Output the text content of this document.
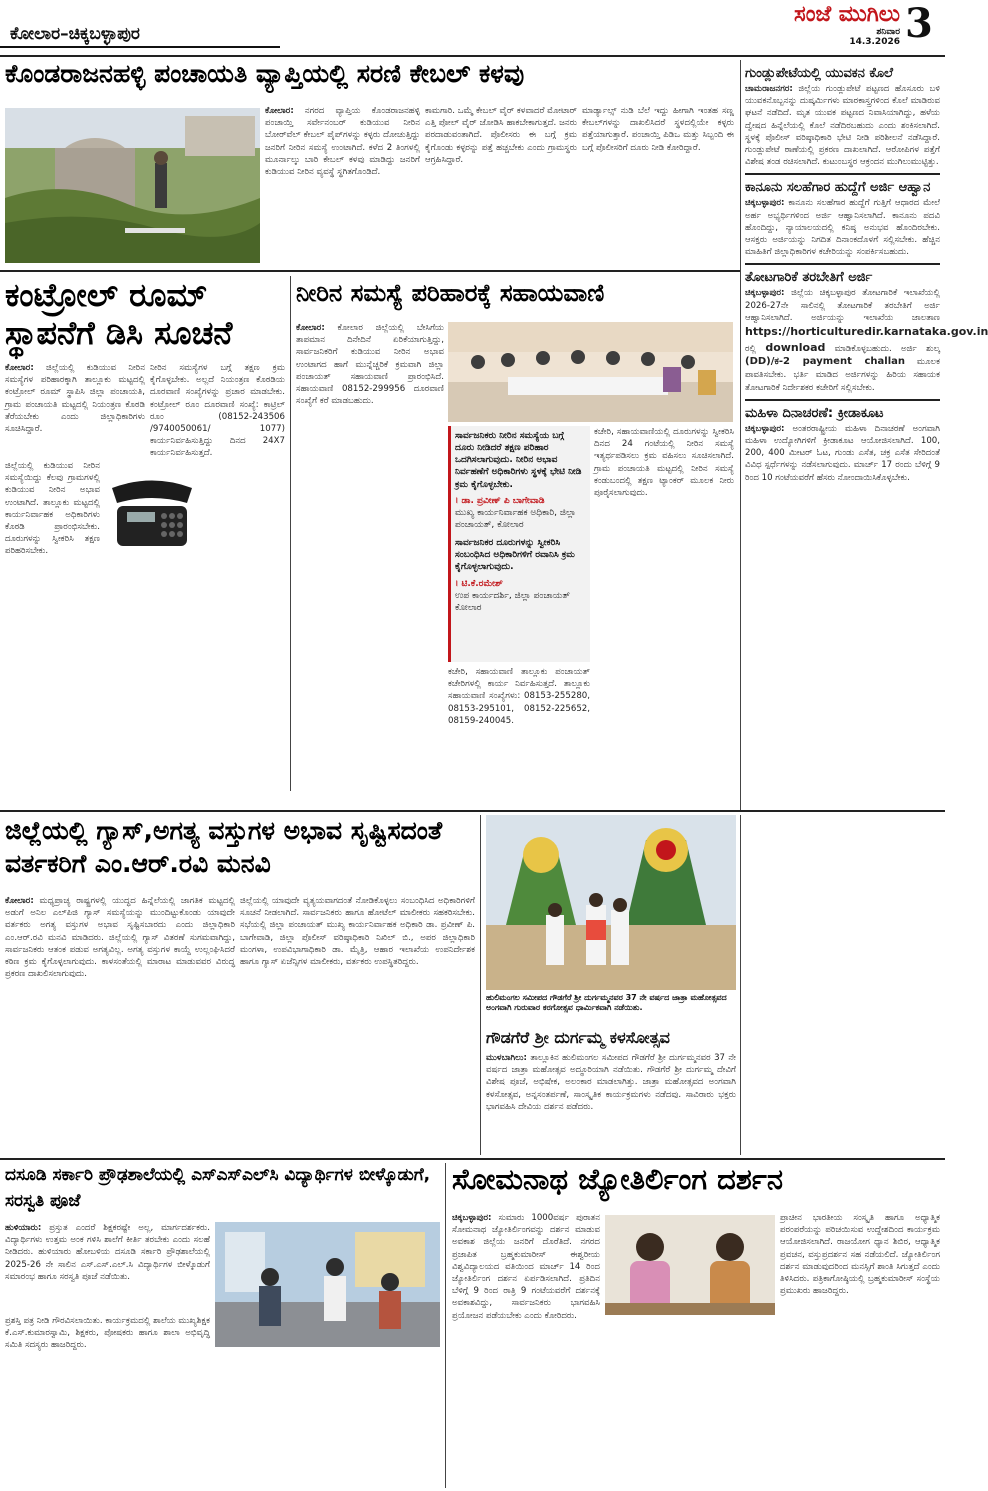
ಕೋಲಾರ–ಚಿಕ್ಕಬಳ್ಳಾಪುರ
ಸಂಜೆ ಮುಗಿಲು
ಶನಿವಾರ
14.3.2026 3
ಕೊಂಡರಾಜನಹಳ್ಳಿ ಪಂಚಾಯತಿ ವ್ಯಾಪ್ತಿಯಲ್ಲಿ ಸರಣಿ ಕೇಬಲ್ ಕಳವು
ಕೋಲಾರ: ನಗರದ ವ್ಯಾಪ್ತಿಯ ಕೊಂಡರಾಜನಹಳ್ಳಿ ಪಂಚಾಯ್ತಿ ಸರ್ವೇನಂಬರ್ ಕುಡಿಯುವ ನೀರಿನ ಬೋರ್‌ವೆಲ್ ಕೇಬಲ್ ಪೈಪ್‌ಗಳನ್ನು ಕಳ್ಳರು ದೋಚುತ್ತಿದ್ದು ಜನರಿಗೆ ನೀರಿನ ಸಮಸ್ಯೆ ಉಂಟಾಗಿದೆ. ಕಳೆದ 2 ತಿಂಗಳಲ್ಲಿ ಮೂರ್ನಾಲ್ಕು ಬಾರಿ ಕೇಬಲ್ ಕಳವು ಮಾಡಿದ್ದು ಜನರಿಗೆ ಕುಡಿಯುವ ನೀರಿನ ವ್ಯವಸ್ಥೆ ಸ್ಥಗಿತಗೊಂಡಿದೆ.
ಕಾಮಗಾರಿ. ಒಮ್ಮೆ ಕೇಬಲ್ ವೈರ್ ಕಳವಾದರೆ ಮೋಟಾರ್ ಎತ್ತಿ ಪೋಲ್ ವೈರ್ ಜೋಡಿಸಿ ಹಾಕಬೇಕಾಗುತ್ತದೆ. ಜನರು ಪರದಾಡುವಂತಾಗಿದೆ. ಪೊಲೀಸರು ಈ ಬಗ್ಗೆ ಕ್ರಮ ಕೈಗೊಂಡು ಕಳ್ಳರನ್ನು ಪತ್ತೆ ಹಚ್ಚಬೇಕು ಎಂದು ಗ್ರಾಮಸ್ಥರು ಆಗ್ರಹಿಸಿದ್ದಾರೆ.
ಮಾರ್ಡ್ಯಾಲ್ಸ್ ನುಡಿ ಬೆಲೆ ಇದ್ದು ಹೀಗಾಗಿ ಇಂತಹ ಸಣ್ಣ ಕೇಬಲ್‌ಗಳನ್ನು ದಾಖಲಿಸಿದರೆ ಸ್ಥಳದಲ್ಲಿಯೇ ಕಳ್ಳರು ಪತ್ತೆಯಾಗುತ್ತಾರೆ. ಪಂಚಾಯ್ತಿ ಪಿಡಿಒ ಮತ್ತು ಸಿಬ್ಬಂದಿ ಈ ಬಗ್ಗೆ ಪೊಲೀಸರಿಗೆ ದೂರು ನೀಡಿ ಕೋರಿದ್ದಾರೆ.
ಗುಂಡ್ಲುಪೇಟೆಯಲ್ಲಿ ಯುವಕನ ಕೊಲೆ
ಚಾಮರಾಜನಗರ: ಜಿಲ್ಲೆಯ ಗುಂಡ್ಲುಪೇಟೆ ಪಟ್ಟಣದ ಹೊಸೂರು ಬಳಿ ಯುವಕನೊಬ್ಬನನ್ನು ದುಷ್ಕರ್ಮಿಗಳು ಮಾರಕಾಸ್ತ್ರಗಳಿಂದ ಕೊಲೆ ಮಾಡಿರುವ ಘಟನೆ ನಡೆದಿದೆ. ಮೃತ ಯುವಕ ಪಟ್ಟಣದ ನಿವಾಸಿಯಾಗಿದ್ದು, ಹಳೆಯ ದ್ವೇಷದ ಹಿನ್ನೆಲೆಯಲ್ಲಿ ಕೊಲೆ ನಡೆದಿರಬಹುದು ಎಂದು ಶಂಕಿಸಲಾಗಿದೆ. ಸ್ಥಳಕ್ಕೆ ಪೊಲೀಸ್ ವರಿಷ್ಠಾಧಿಕಾರಿ ಭೇಟಿ ನೀಡಿ ಪರಿಶೀಲನೆ ನಡೆಸಿದ್ದಾರೆ. ಗುಂಡ್ಲುಪೇಟೆ ಠಾಣೆಯಲ್ಲಿ ಪ್ರಕರಣ ದಾಖಲಾಗಿದೆ. ಆರೋಪಿಗಳ ಪತ್ತೆಗೆ ವಿಶೇಷ ತಂಡ ರಚಿಸಲಾಗಿದೆ. ಕುಟುಂಬಸ್ಥರ ಆಕ್ರಂದನ ಮುಗಿಲುಮುಟ್ಟಿತ್ತು.
ಕಾನೂನು ಸಲಹೆಗಾರ ಹುದ್ದೆಗೆ ಅರ್ಜಿ ಆಹ್ವಾನ
ಚಿಕ್ಕಬಳ್ಳಾಪುರ: ಕಾನೂನು ಸಲಹೆಗಾರ ಹುದ್ದೆಗೆ ಗುತ್ತಿಗೆ ಆಧಾರದ ಮೇಲೆ ಅರ್ಹ ಅಭ್ಯರ್ಥಿಗಳಿಂದ ಅರ್ಜಿ ಆಹ್ವಾನಿಸಲಾಗಿದೆ. ಕಾನೂನು ಪದವಿ ಹೊಂದಿದ್ದು, ನ್ಯಾಯಾಲಯದಲ್ಲಿ ಕನಿಷ್ಠ ಅನುಭವ ಹೊಂದಿರಬೇಕು. ಆಸಕ್ತರು ಅರ್ಜಿಯನ್ನು ನಿಗದಿತ ದಿನಾಂಕದೊಳಗೆ ಸಲ್ಲಿಸಬೇಕು. ಹೆಚ್ಚಿನ ಮಾಹಿತಿಗೆ ಜಿಲ್ಲಾಧಿಕಾರಿಗಳ ಕಚೇರಿಯನ್ನು ಸಂಪರ್ಕಿಸಬಹುದು.
ತೋಟಗಾರಿಕೆ ತರಬೇತಿಗೆ ಅರ್ಜಿ
ಚಿಕ್ಕಬಳ್ಳಾಪುರ: ಜಿಲ್ಲೆಯ ಚಿಕ್ಕಬಳ್ಳಾಪುರ ತೋಟಗಾರಿಕೆ ಇಲಾಖೆಯಲ್ಲಿ 2026-27ನೇ ಸಾಲಿನಲ್ಲಿ ತೋಟಗಾರಿಕೆ ತರಬೇತಿಗೆ ಅರ್ಜಿ ಆಹ್ವಾನಿಸಲಾಗಿದೆ. ಅರ್ಜಿಯನ್ನು ಇಲಾಖೆಯ ಜಾಲತಾಣ https://horticulturedir.karnataka.gov.in ರಲ್ಲಿ download ಮಾಡಿಕೊಳ್ಳಬಹುದು. ಅರ್ಜಿ ಶುಲ್ಕ (DD)/ಕ-2 payment challan ಮೂಲಕ ಪಾವತಿಸಬೇಕು. ಭರ್ತಿ ಮಾಡಿದ ಅರ್ಜಿಗಳನ್ನು ಹಿರಿಯ ಸಹಾಯಕ ತೋಟಗಾರಿಕೆ ನಿರ್ದೇಶಕರ ಕಚೇರಿಗೆ ಸಲ್ಲಿಸಬೇಕು.
ಮಹಿಳಾ ದಿನಾಚರಣೆ: ಕ್ರೀಡಾಕೂಟ
ಚಿಕ್ಕಬಳ್ಳಾಪುರ: ಅಂತರರಾಷ್ಟ್ರೀಯ ಮಹಿಳಾ ದಿನಾಚರಣೆ ಅಂಗವಾಗಿ ಮಹಿಳಾ ಉದ್ಯೋಗಿಗಳಿಗೆ ಕ್ರೀಡಾಕೂಟ ಆಯೋಜಿಸಲಾಗಿದೆ. 100, 200, 400 ಮೀಟರ್ ಓಟ, ಗುಂಡು ಎಸೆತ, ಚಕ್ರ ಎಸೆತ ಸೇರಿದಂತೆ ವಿವಿಧ ಸ್ಪರ್ಧೆಗಳನ್ನು ನಡೆಸಲಾಗುವುದು. ಮಾರ್ಚ್ 17 ರಂದು ಬೆಳಿಗ್ಗೆ 9 ರಿಂದ 10 ಗಂಟೆಯವರೆಗೆ ಹೆಸರು ನೋಂದಾಯಿಸಿಕೊಳ್ಳಬೇಕು.
ಕಂಟ್ರೋಲ್ ರೂಮ್ ಸ್ಥಾಪನೆಗೆ ಡಿಸಿ ಸೂಚನೆ
ಕೋಲಾರ: ಜಿಲ್ಲೆಯಲ್ಲಿ ಕುಡಿಯುವ ನೀರಿನ ಸಮಸ್ಯೆಗಳ ಪರಿಹಾರಕ್ಕಾಗಿ ತಾಲ್ಲೂಕು ಮಟ್ಟದಲ್ಲಿ ಕಂಟ್ರೋಲ್ ರೂಮ್ ಸ್ಥಾಪಿಸಿ ಜಿಲ್ಲಾ ಪಂಚಾಯತಿ, ಗ್ರಾಮ ಪಂಚಾಯತಿ ಮಟ್ಟದಲ್ಲಿ ನಿಯಂತ್ರಣ ಕೊಠಡಿ ತೆರೆಯಬೇಕು ಎಂದು ಜಿಲ್ಲಾಧಿಕಾರಿಗಳು ಸೂಚಿಸಿದ್ದಾರೆ.
ಜಿಲ್ಲೆಯಲ್ಲಿ ಕುಡಿಯುವ ನೀರಿನ ಸಮಸ್ಯೆಯಿದ್ದು ಕೆಲವು ಗ್ರಾಮಗಳಲ್ಲಿ ಕುಡಿಯುವ ನೀರಿನ ಅಭಾವ ಉಂಟಾಗಿದೆ. ತಾಲ್ಲೂಕು ಮಟ್ಟದಲ್ಲಿ ಕಾರ್ಯನಿರ್ವಾಹಕ ಅಧಿಕಾರಿಗಳು ಕೊಠಡಿ ಪ್ರಾರಂಭಿಸಬೇಕು. ದೂರುಗಳನ್ನು ಸ್ವೀಕರಿಸಿ ತಕ್ಷಣ ಪರಿಹರಿಸಬೇಕು.
ನೀರಿನ ಸಮಸ್ಯೆಗಳ ಬಗ್ಗೆ ತಕ್ಷಣ ಕ್ರಮ ಕೈಗೊಳ್ಳಬೇಕು. ಅಲ್ಲದೆ ನಿಯಂತ್ರಣ ಕೊಠಡಿಯ ದೂರವಾಣಿ ಸಂಖ್ಯೆಗಳನ್ನು ಪ್ರಚಾರ ಮಾಡಬೇಕು. ಕಂಟ್ರೋಲ್ ರೂಂ ದೂರವಾಣಿ ಸಂಖ್ಯೆ: ಕಾಟ್ರಿಲ್ ರೂಂ (08152-243506 /9740050061/ 1077) ಕಾರ್ಯನಿರ್ವಹಿಸುತ್ತಿದ್ದು ದಿನದ 24X7 ಕಾರ್ಯನಿರ್ವಹಿಸುತ್ತದೆ.
ನೀರಿನ ಸಮಸ್ಯೆ ಪರಿಹಾರಕ್ಕೆ ಸಹಾಯವಾಣಿ
ಕೋಲಾರ: ಕೋಲಾರ ಜಿಲ್ಲೆಯಲ್ಲಿ ಬೇಸಿಗೆಯ ತಾಪಮಾನ ದಿನೇದಿನೆ ಏರಿಕೆಯಾಗುತ್ತಿದ್ದು, ಸಾರ್ವಜನಿಕರಿಗೆ ಕುಡಿಯುವ ನೀರಿನ ಅಭಾವ ಉಂಟಾಗದ ಹಾಗೆ ಮುನ್ನೆಚ್ಚರಿಕೆ ಕ್ರಮವಾಗಿ ಜಿಲ್ಲಾ ಪಂಚಾಯತ್ ಸಹಾಯವಾಣಿ ಪ್ರಾರಂಭಿಸಿದೆ. ಸಹಾಯವಾಣಿ 08152-299956 ದೂರವಾಣಿ ಸಂಖ್ಯೆಗೆ ಕರೆ ಮಾಡಬಹುದು.
ಸಾರ್ವಜನಿಕರು ನೀರಿನ ಸಮಸ್ಯೆಯ ಬಗ್ಗೆ ದೂರು ನೀಡಿದರೆ ತಕ್ಷಣ ಪರಿಹಾರ ಒದಗಿಸಲಾಗುವುದು. ನೀರಿನ ಅಭಾವ ನಿರ್ವಹಣೆಗೆ ಅಧಿಕಾರಿಗಳು ಸ್ಥಳಕ್ಕೆ ಭೇಟಿ ನೀಡಿ ಕ್ರಮ ಕೈಗೊಳ್ಳಬೇಕು.
। ಡಾ. ಪ್ರವೀಣ್ ಪಿ ಬಾಗೇವಾಡಿ
ಮುಖ್ಯ ಕಾರ್ಯನಿರ್ವಾಹಕ ಅಧಿಕಾರಿ, ಜಿಲ್ಲಾ ಪಂಚಾಯತ್, ಕೋಲಾರ
ಸಾರ್ವಜನಿಕರ ದೂರುಗಳನ್ನು ಸ್ವೀಕರಿಸಿ ಸಂಬಂಧಿಸಿದ ಅಧಿಕಾರಿಗಳಿಗೆ ರವಾನಿಸಿ ಕ್ರಮ ಕೈಗೊಳ್ಳಲಾಗುವುದು.
। ಟಿ.ಕೆ.ರಮೇಶ್
ಉಪ ಕಾರ್ಯದರ್ಶಿ, ಜಿಲ್ಲಾ ಪಂಚಾಯತ್ ಕೋಲಾರ
ಕಚೇರಿ, ಸಹಾಯವಾಣಿ ತಾಲ್ಲೂಕು ಪಂಚಾಯತ್ ಕಚೇರಿಗಳಲ್ಲಿ ಕಾರ್ಯ ನಿರ್ವಹಿಸುತ್ತದೆ. ತಾಲ್ಲೂಕು ಸಹಾಯವಾಣಿ ಸಂಖ್ಯೆಗಳು: 08153-255280, 08153-295101, 08152-225652, 08159-240045.
ಕಚೇರಿ, ಸಹಾಯವಾಣಿಯಲ್ಲಿ ದೂರುಗಳನ್ನು ಸ್ವೀಕರಿಸಿ ದಿನದ 24 ಗಂಟೆಯಲ್ಲಿ ನೀರಿನ ಸಮಸ್ಯೆ ಇತ್ಯರ್ಥಪಡಿಸಲು ಕ್ರಮ ವಹಿಸಲು ಸೂಚಿಸಲಾಗಿದೆ. ಗ್ರಾಮ ಪಂಚಾಯತಿ ಮಟ್ಟದಲ್ಲಿ ನೀರಿನ ಸಮಸ್ಯೆ ಕಂಡುಬಂದಲ್ಲಿ ತಕ್ಷಣ ಟ್ಯಾಂಕರ್ ಮೂಲಕ ನೀರು ಪೂರೈಸಲಾಗುವುದು.
ಜಿಲ್ಲೆಯಲ್ಲಿ ಗ್ಯಾಸ್,ಅಗತ್ಯ ವಸ್ತುಗಳ ಅಭಾವ ಸೃಷ್ಟಿಸದಂತೆ ವರ್ತಕರಿಗೆ ಎಂ.ಆರ್.ರವಿ ಮನವಿ
ಕೋಲಾರ: ಮಧ್ಯಪ್ರಾಚ್ಯ ರಾಷ್ಟ್ರಗಳಲ್ಲಿ ಯುದ್ಧದ ಹಿನ್ನೆಲೆಯಲ್ಲಿ ಜಾಗತಿಕ ಮಟ್ಟದಲ್ಲಿ ಅಡುಗೆ ಅನಿಲ ಎಲ್‌ಪಿಜಿ ಗ್ಯಾಸ್ ಸಮಸ್ಯೆಯನ್ನು ಮುಂದಿಟ್ಟುಕೊಂಡು ಯಾವುದೇ ವರ್ತಕರು ಅಗತ್ಯ ವಸ್ತುಗಳ ಅಭಾವ ಸೃಷ್ಟಿಸಬಾರದು ಎಂದು ಜಿಲ್ಲಾಧಿಕಾರಿ ಎಂ.ಆರ್.ರವಿ ಮನವಿ ಮಾಡಿದರು. ಜಿಲ್ಲೆಯಲ್ಲಿ ಗ್ಯಾಸ್ ವಿತರಣೆ ಸುಗಮವಾಗಿದ್ದು, ಸಾರ್ವಜನಿಕರು ಆತಂಕ ಪಡುವ ಅಗತ್ಯವಿಲ್ಲ. ಅಗತ್ಯ ವಸ್ತುಗಳ ಕಾಯ್ದೆ ಉಲ್ಲಂಘಿಸಿದರೆ ಕಠಿಣ ಕ್ರಮ ಕೈಗೊಳ್ಳಲಾಗುವುದು. ಕಾಳಸಂತೆಯಲ್ಲಿ ಮಾರಾಟ ಮಾಡುವವರ ವಿರುದ್ಧ ಪ್ರಕರಣ ದಾಖಲಿಸಲಾಗುವುದು.
ಜಿಲ್ಲೆಯಲ್ಲಿ ಯಾವುದೇ ವ್ಯತ್ಯಯವಾಗದಂತೆ ನೋಡಿಕೊಳ್ಳಲು ಸಂಬಂಧಿಸಿದ ಅಧಿಕಾರಿಗಳಿಗೆ ಸೂಚನೆ ನೀಡಲಾಗಿದೆ. ಸಾರ್ವಜನಿಕರು ಹಾಗೂ ಹೋಟೆಲ್ ಮಾಲೀಕರು ಸಹಕರಿಸಬೇಕು. ಸಭೆಯಲ್ಲಿ ಜಿಲ್ಲಾ ಪಂಚಾಯತ್ ಮುಖ್ಯ ಕಾರ್ಯನಿರ್ವಾಹಕ ಅಧಿಕಾರಿ ಡಾ. ಪ್ರವೀಣ್ ಪಿ. ಬಾಗೇವಾಡಿ, ಜಿಲ್ಲಾ ಪೊಲೀಸ್ ವರಿಷ್ಠಾಧಿಕಾರಿ ನಿಖಿಲ್ ಬಿ., ಅಪರ ಜಿಲ್ಲಾಧಿಕಾರಿ ಮಂಗಳಾ, ಉಪವಿಭಾಗಾಧಿಕಾರಿ ಡಾ. ಮೈತ್ರಿ, ಆಹಾರ ಇಲಾಖೆಯ ಉಪನಿರ್ದೇಶಕ ಹಾಗೂ ಗ್ಯಾಸ್ ಏಜೆನ್ಸಿಗಳ ಮಾಲೀಕರು, ವರ್ತಕರು ಉಪಸ್ಥಿತರಿದ್ದರು.
ಹುಲಿಮಂಗಲ ಸಮೀಪದ ಗೌಡಗೆರೆ ಶ್ರೀ ದುರ್ಗಮ್ಮನವರ 37 ನೇ ವರ್ಷದ ಜಾತ್ರಾ ಮಹೋತ್ಸವದ ಅಂಗವಾಗಿ ಗುರುವಾರ ಕರಗೋತ್ಸವ ಧಾರ್ಮಿಕವಾಗಿ ನಡೆಯಿತು.
ಗೌಡಗೆರೆ ಶ್ರೀ ದುರ್ಗಮ್ಮ ಕಳಸೋತ್ಸವ
ಮುಳಬಾಗಿಲು: ತಾಲ್ಲೂಕಿನ ಹುಲಿಮಂಗಲ ಸಮೀಪದ ಗೌಡಗೆರೆ ಶ್ರೀ ದುರ್ಗಮ್ಮನವರ 37 ನೇ ವರ್ಷದ ಜಾತ್ರಾ ಮಹೋತ್ಸವ ಅದ್ಧೂರಿಯಾಗಿ ನಡೆಯಿತು. ಗೌಡಗೆರೆ ಶ್ರೀ ದುರ್ಗಮ್ಮ ದೇವಿಗೆ ವಿಶೇಷ ಪೂಜೆ, ಅಭಿಷೇಕ, ಅಲಂಕಾರ ಮಾಡಲಾಗಿತ್ತು. ಜಾತ್ರಾ ಮಹೋತ್ಸವದ ಅಂಗವಾಗಿ ಕಳಸೋತ್ಸವ, ಅನ್ನಸಂತರ್ಪಣೆ, ಸಾಂಸ್ಕೃತಿಕ ಕಾರ್ಯಕ್ರಮಗಳು ನಡೆದವು. ಸಾವಿರಾರು ಭಕ್ತರು ಭಾಗವಹಿಸಿ ದೇವಿಯ ದರ್ಶನ ಪಡೆದರು.
ದಸೂಡಿ ಸರ್ಕಾರಿ ಪ್ರೌಢಶಾಲೆಯಲ್ಲಿ ಎಸ್‌ಎಸ್‌ಎಲ್‌ಸಿ ವಿದ್ಯಾರ್ಥಿಗಳ ಬೀಳ್ಕೊಡುಗೆ, ಸರಸ್ವತಿ ಪೂಜೆ
ಹುಳಿಯಾರು: ಪ್ರಸ್ತುತ ಎಂದರೆ ಶಿಕ್ಷಕರಷ್ಟೇ ಅಲ್ಲ, ಮಾರ್ಗದರ್ಶಕರು. ವಿದ್ಯಾರ್ಥಿಗಳು ಉತ್ತಮ ಅಂಕ ಗಳಿಸಿ ಶಾಲೆಗೆ ಕೀರ್ತಿ ತರಬೇಕು ಎಂದು ಸಲಹೆ ನೀಡಿದರು. ಹುಳಿಯಾರು ಹೋಬಳಿಯ ದಸೂಡಿ ಸರ್ಕಾರಿ ಪ್ರೌಢಶಾಲೆಯಲ್ಲಿ 2025-26 ನೇ ಸಾಲಿನ ಎಸ್.ಎಸ್.ಎಲ್.ಸಿ ವಿದ್ಯಾರ್ಥಿಗಳ ಬೀಳ್ಕೊಡುಗೆ ಸಮಾರಂಭ ಹಾಗೂ ಸರಸ್ವತಿ ಪೂಜೆ ನಡೆಯಿತು.
ಪ್ರಶಸ್ತಿ ಪತ್ರ ನೀಡಿ ಗೌರವಿಸಲಾಯಿತು. ಕಾರ್ಯಕ್ರಮದಲ್ಲಿ ಶಾಲೆಯ ಮುಖ್ಯಶಿಕ್ಷಕ ಕೆ.ಎಸ್.ಕುಮಾರಸ್ವಾಮಿ, ಶಿಕ್ಷಕರು, ಪೋಷಕರು ಹಾಗೂ ಶಾಲಾ ಅಭಿವೃದ್ಧಿ ಸಮಿತಿ ಸದಸ್ಯರು ಹಾಜರಿದ್ದರು.
ಸೋಮನಾಥ ಜ್ಯೋತಿರ್ಲಿಂಗ ದರ್ಶನ
ಚಿಕ್ಕಬಳ್ಳಾಪುರ: ಸುಮಾರು 1000ವರ್ಷ ಪುರಾತನ ಸೋಮನಾಥ ಜ್ಯೋತಿರ್ಲಿಂಗವನ್ನು ದರ್ಶನ ಮಾಡುವ ಅವಕಾಶ ಜಿಲ್ಲೆಯ ಜನರಿಗೆ ದೊರೆತಿದೆ. ನಗರದ ಪ್ರಜಾಪಿತ ಬ್ರಹ್ಮಕುಮಾರೀಸ್ ಈಶ್ವರೀಯ ವಿಶ್ವವಿದ್ಯಾಲಯದ ವತಿಯಿಂದ ಮಾರ್ಚ್ 14 ರಿಂದ ಜ್ಯೋತಿರ್ಲಿಂಗ ದರ್ಶನ ಏರ್ಪಡಿಸಲಾಗಿದೆ. ಪ್ರತಿದಿನ ಬೆಳಿಗ್ಗೆ 9 ರಿಂದ ರಾತ್ರಿ 9 ಗಂಟೆಯವರೆಗೆ ದರ್ಶನಕ್ಕೆ ಅವಕಾಶವಿದ್ದು, ಸಾರ್ವಜನಿಕರು ಭಾಗವಹಿಸಿ ಪ್ರಯೋಜನ ಪಡೆಯಬೇಕು ಎಂದು ಕೋರಿದರು.
ಪ್ರಾಚೀನ ಭಾರತೀಯ ಸಂಸ್ಕೃತಿ ಹಾಗೂ ಅಧ್ಯಾತ್ಮಿಕ ಪರಂಪರೆಯನ್ನು ಪರಿಚಯಿಸುವ ಉದ್ದೇಶದಿಂದ ಕಾರ್ಯಕ್ರಮ ಆಯೋಜಿಸಲಾಗಿದೆ. ರಾಜಯೋಗ ಧ್ಯಾನ ಶಿಬಿರ, ಆಧ್ಯಾತ್ಮಿಕ ಪ್ರವಚನ, ವಸ್ತುಪ್ರದರ್ಶನ ಸಹ ನಡೆಯಲಿದೆ. ಜ್ಯೋತಿರ್ಲಿಂಗ ದರ್ಶನ ಮಾಡುವುದರಿಂದ ಮನಸ್ಸಿಗೆ ಶಾಂತಿ ಸಿಗುತ್ತದೆ ಎಂದು ತಿಳಿಸಿದರು. ಪತ್ರಿಕಾಗೋಷ್ಠಿಯಲ್ಲಿ ಬ್ರಹ್ಮಕುಮಾರೀಸ್ ಸಂಸ್ಥೆಯ ಪ್ರಮುಖರು ಹಾಜರಿದ್ದರು.
